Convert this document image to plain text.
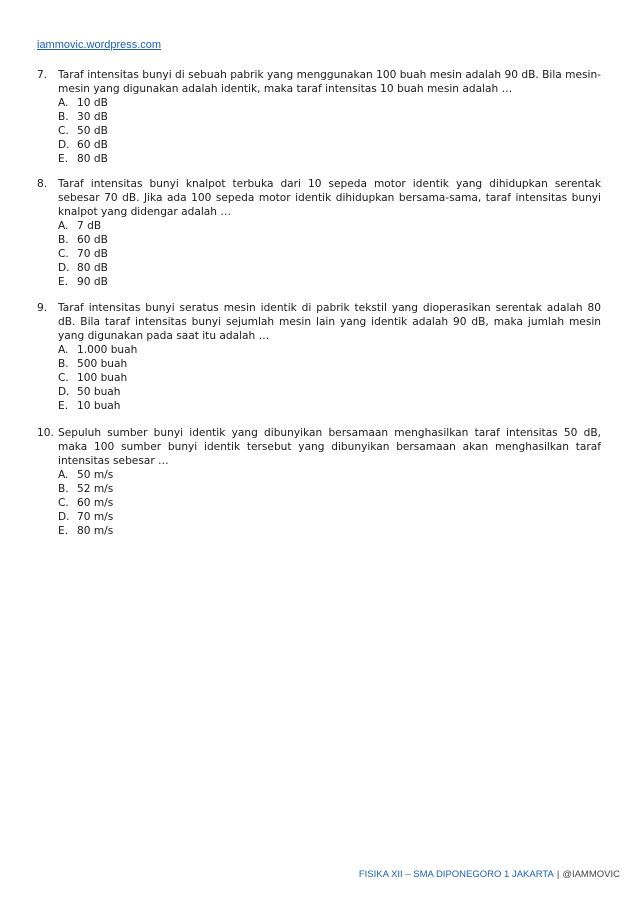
iammovic.wordpress.com
7.	Taraf intensitas bunyi di sebuah pabrik yang menggunakan 100 buah mesin adalah 90 dB. Bila mesin-mesin yang digunakan adalah identik, maka taraf intensitas 10 buah mesin adalah …
A. 10 dB
B. 30 dB
C. 50 dB
D. 60 dB
E. 80 dB
8.	Taraf intensitas bunyi knalpot terbuka dari 10 sepeda motor identik yang dihidupkan serentak sebesar 70 dB. Jika ada 100 sepeda motor identik dihidupkan bersama-sama, taraf intensitas bunyi knalpot yang didengar adalah …
A. 7 dB
B. 60 dB
C. 70 dB
D. 80 dB
E. 90 dB
9.	Taraf intensitas bunyi seratus mesin identik di pabrik tekstil yang dioperasikan serentak adalah 80 dB. Bila taraf intensitas bunyi sejumlah mesin lain yang identik adalah 90 dB, maka jumlah mesin yang digunakan pada saat itu adalah …
A. 1.000 buah
B. 500 buah
C. 100 buah
D. 50 buah
E. 10 buah
10. Sepuluh sumber bunyi identik yang dibunyikan bersamaan menghasilkan taraf intensitas 50 dB, maka 100 sumber bunyi identik tersebut yang dibunyikan bersamaan akan menghasilkan taraf intensitas sebesar …
A. 50 m/s
B. 52 m/s
C. 60 m/s
D. 70 m/s
E. 80 m/s
FISIKA XII – SMA DIPONEGORO 1 JAKARTA | @IAMMOVIC
